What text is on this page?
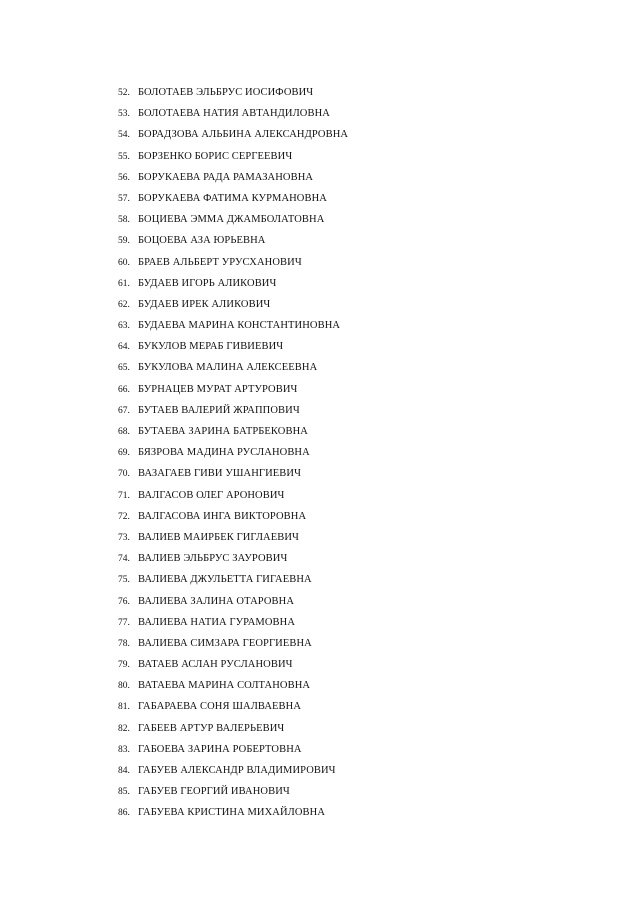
52. БОЛОТАЕВ ЭЛЬБРУС ИОСИФОВИЧ
53. БОЛОТАЕВА НАТИЯ АВТАНДИЛОВНА
54. БОРАДЗОВА АЛЬБИНА АЛЕКСАНДРОВНА
55. БОРЗЕНКО БОРИС СЕРГЕЕВИЧ
56. БОРУКАЕВА РАДА РАМАЗАНОВНА
57. БОРУКАЕВА ФАТИМА КУРМАНОВНА
58. БОЦИЕВА ЭММА ДЖАМБОЛАТОВНА
59. БОЦОЕВА АЗА ЮРЬЕВНА
60. БРАЕВ АЛЬБЕРТ УРУСХАНОВИЧ
61. БУДАЕВ ИГОРЬ АЛИКОВИЧ
62. БУДАЕВ ИРЕК АЛИКОВИЧ
63. БУДАЕВА МАРИНА КОНСТАНТИНОВНА
64. БУКУЛОВ МЕРАБ ГИВИЕВИЧ
65. БУКУЛОВА МАЛИНА АЛЕКСЕЕВНА
66. БУРНАЦЕВ МУРАТ АРТУРОВИЧ
67. БУТАЕВ ВАЛЕРИЙ ЖРАППОВИЧ
68. БУТАЕВА ЗАРИНА БАТРБЕКОВНА
69. БЯЗРОВА МАДИНА РУСЛАНОВНА
70. ВАЗАГАЕВ ГИВИ УШАНГИЕВИЧ
71. ВАЛГАСОВ ОЛЕГ АРОНОВИЧ
72. ВАЛГАСОВА ИНГА ВИКТОРОВНА
73. ВАЛИЕВ МАИРБЕК ГИГЛАЕВИЧ
74. ВАЛИЕВ ЭЛЬБРУС ЗАУРОВИЧ
75. ВАЛИЕВА ДЖУЛЬЕТТА ГИГАЕВНА
76. ВАЛИЕВА ЗАЛИНА ОТАРОВНА
77. ВАЛИЕВА НАТИА ГУРАМОВНА
78. ВАЛИЕВА СИМЗАРА ГЕОРГИЕВНА
79. ВАТАЕВ АСЛАН РУСЛАНОВИЧ
80. ВАТАЕВА МАРИНА СОЛТАНОВНА
81. ГАБАРАЕВА СОНЯ ШАЛВАЕВНА
82. ГАБЕЕВ АРТУР ВАЛЕРЬЕВИЧ
83. ГАБОЕВА ЗАРИНА РОБЕРТОВНА
84. ГАБУЕВ АЛЕКСАНДР ВЛАДИМИРОВИЧ
85. ГАБУЕВ ГЕОРГИЙ ИВАНОВИЧ
86. ГАБУЕВА КРИСТИНА МИХАЙЛОВНА
